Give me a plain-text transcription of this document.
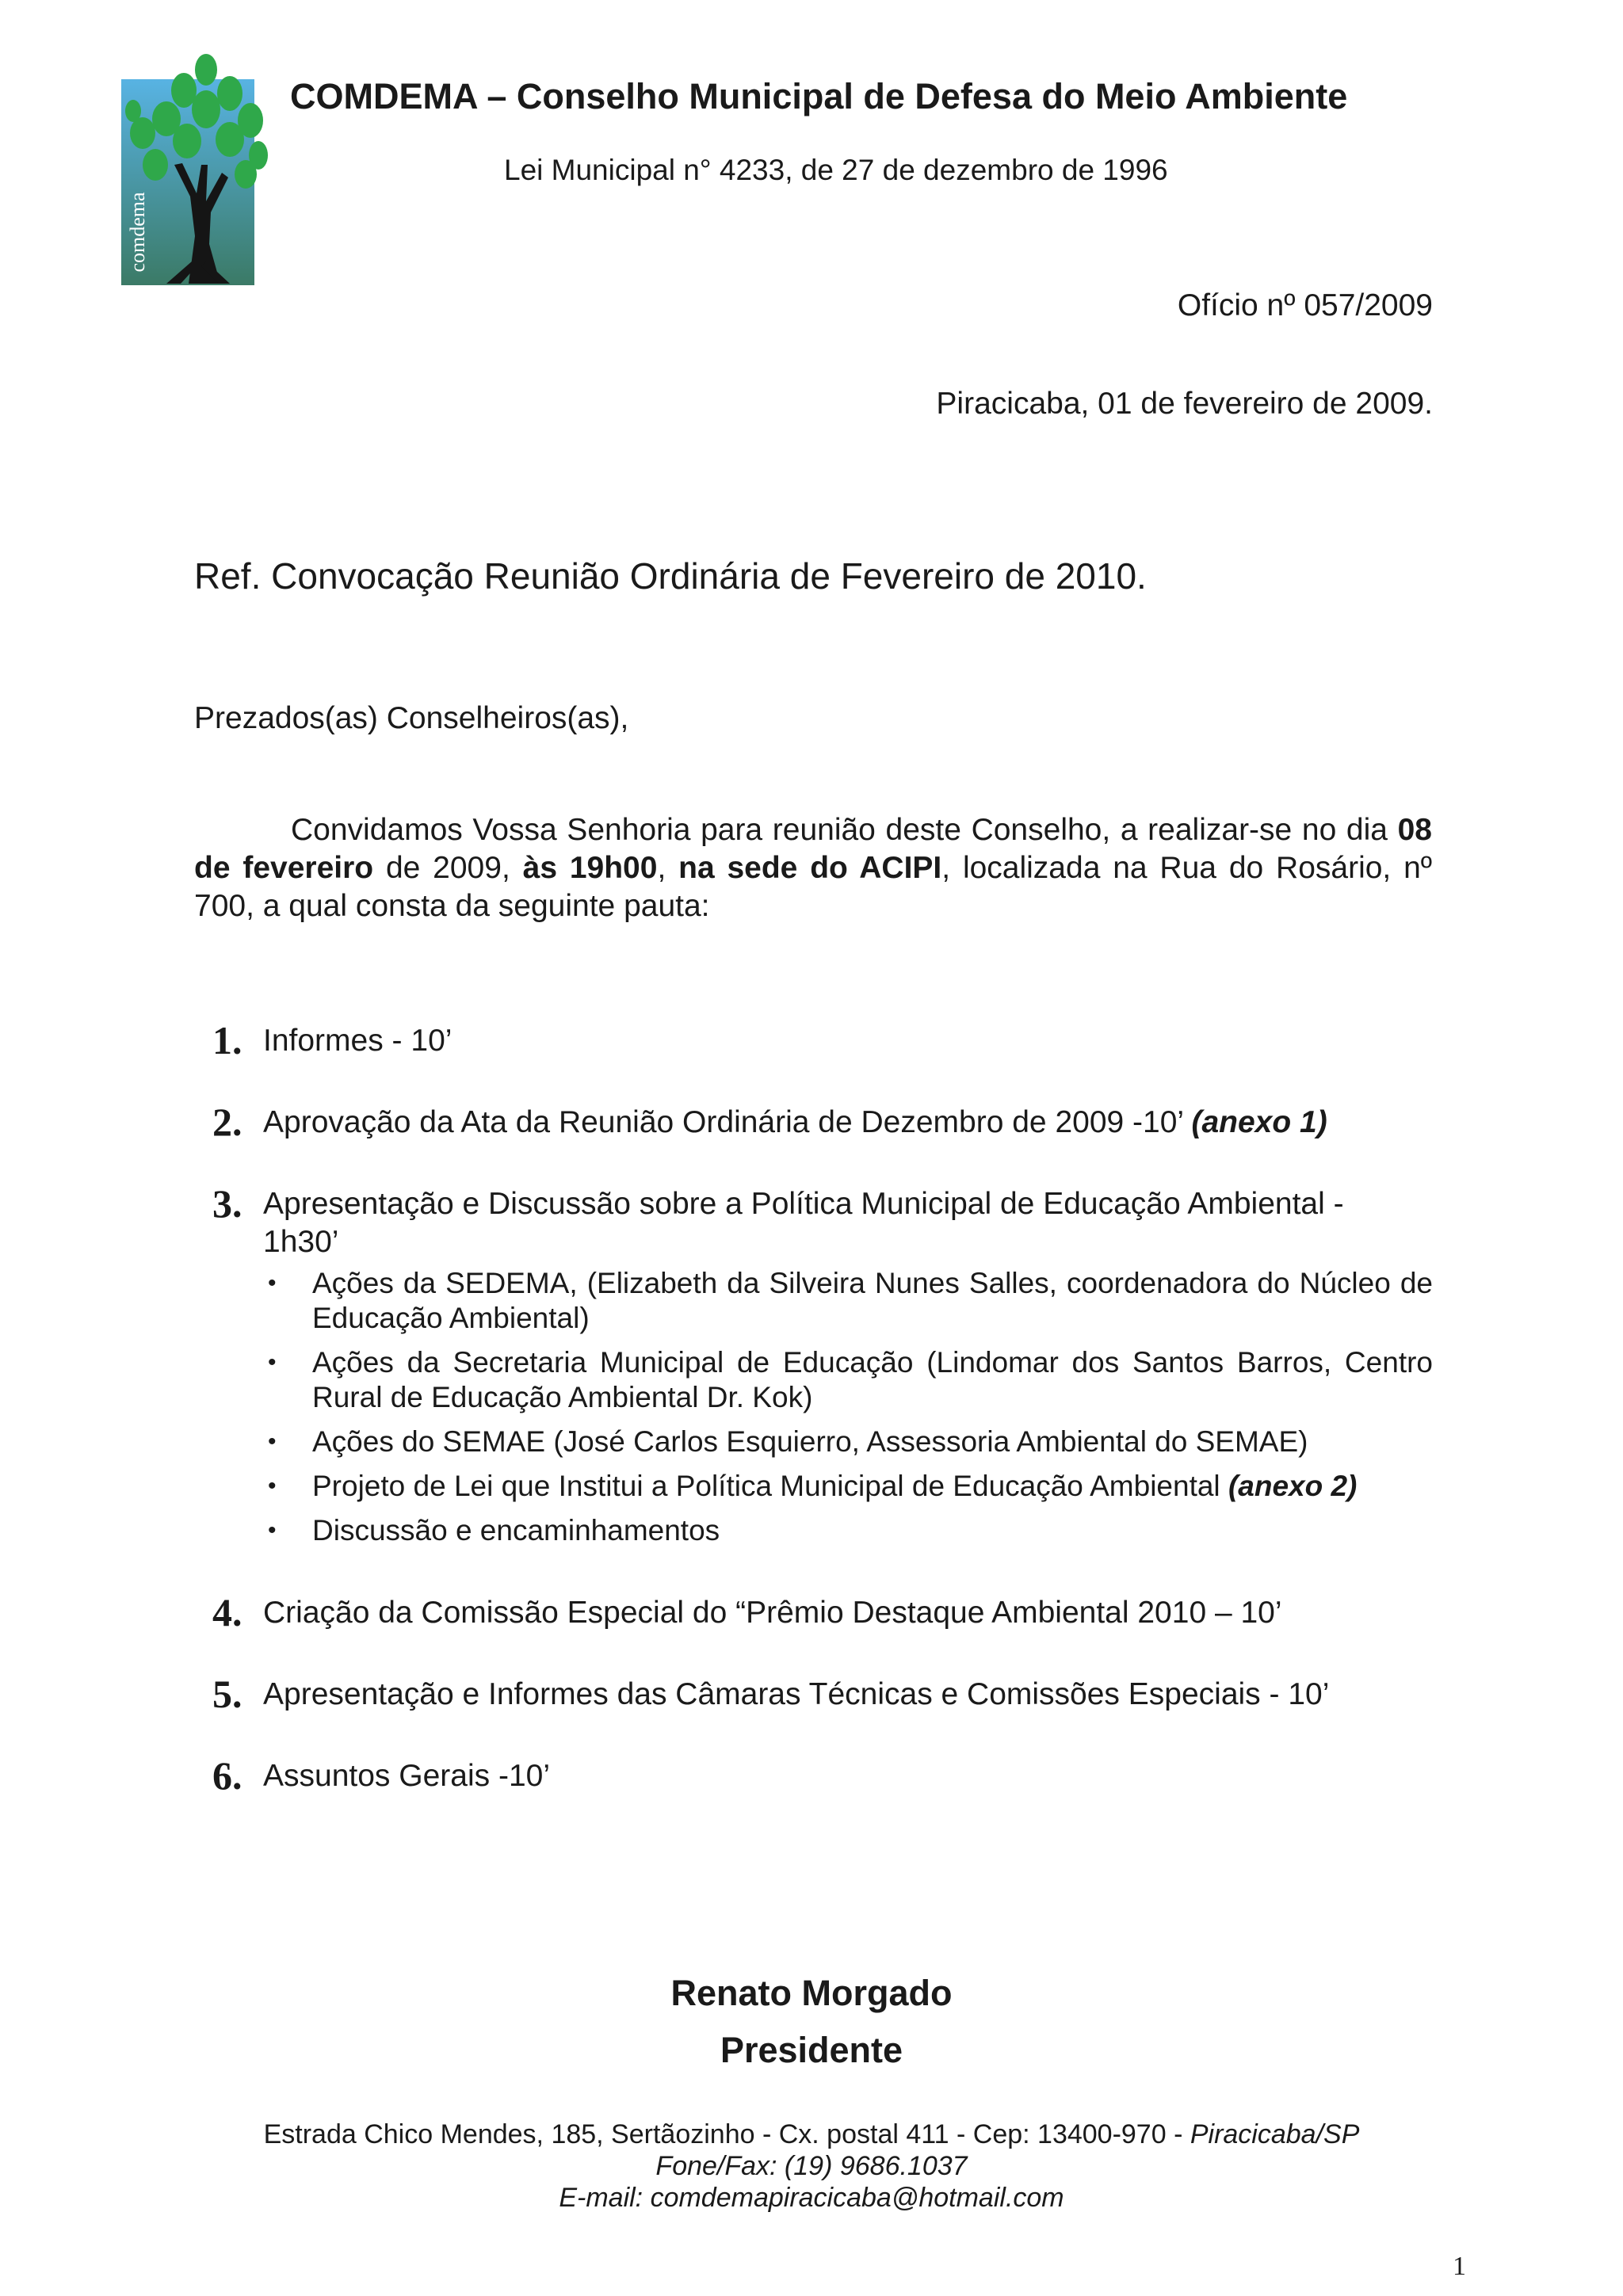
comdema
COMDEMA – Conselho Municipal de Defesa do Meio Ambiente
Lei Municipal n° 4233, de 27 de dezembro de 1996
Ofício nº 057/2009
Piracicaba, 01 de fevereiro de 2009.
Ref. Convocação Reunião Ordinária de Fevereiro de 2010.
Prezados(as) Conselheiros(as),
Convidamos Vossa Senhoria para reunião deste Conselho, a realizar-se no dia 08 de fevereiro de 2009, às 19h00, na sede do ACIPI, localizada na Rua do Rosário, nº 700, a qual consta da seguinte pauta:
1. Informes - 10’
2. Aprovação da Ata da Reunião Ordinária de Dezembro de 2009 -10’ (anexo 1)
3. Apresentação e Discussão sobre a Política Municipal de Educação Ambiental - 1h30’
4. Criação da Comissão Especial do “Prêmio Destaque Ambiental 2010 – 10’
5. Apresentação e Informes das Câmaras Técnicas e Comissões Especiais - 10’
6. Assuntos Gerais -10’
• Ações da SEDEMA, (Elizabeth da Silveira Nunes Salles, coordenadora do Núcleo de Educação Ambiental)
• Ações da Secretaria Municipal de Educação (Lindomar dos Santos Barros, Centro Rural de Educação Ambiental Dr. Kok)
• Ações do SEMAE (José Carlos Esquierro, Assessoria Ambiental do SEMAE)
• Projeto de Lei que Institui a Política Municipal de Educação Ambiental (anexo 2)
• Discussão e encaminhamentos
Renato Morgado
Presidente
Estrada Chico Mendes, 185, Sertãozinho - Cx. postal 411 - Cep: 13400-970 - Piracicaba/SP
Fone/Fax: (19) 9686.1037
E-mail: comdemapiracicaba@hotmail.com
1
